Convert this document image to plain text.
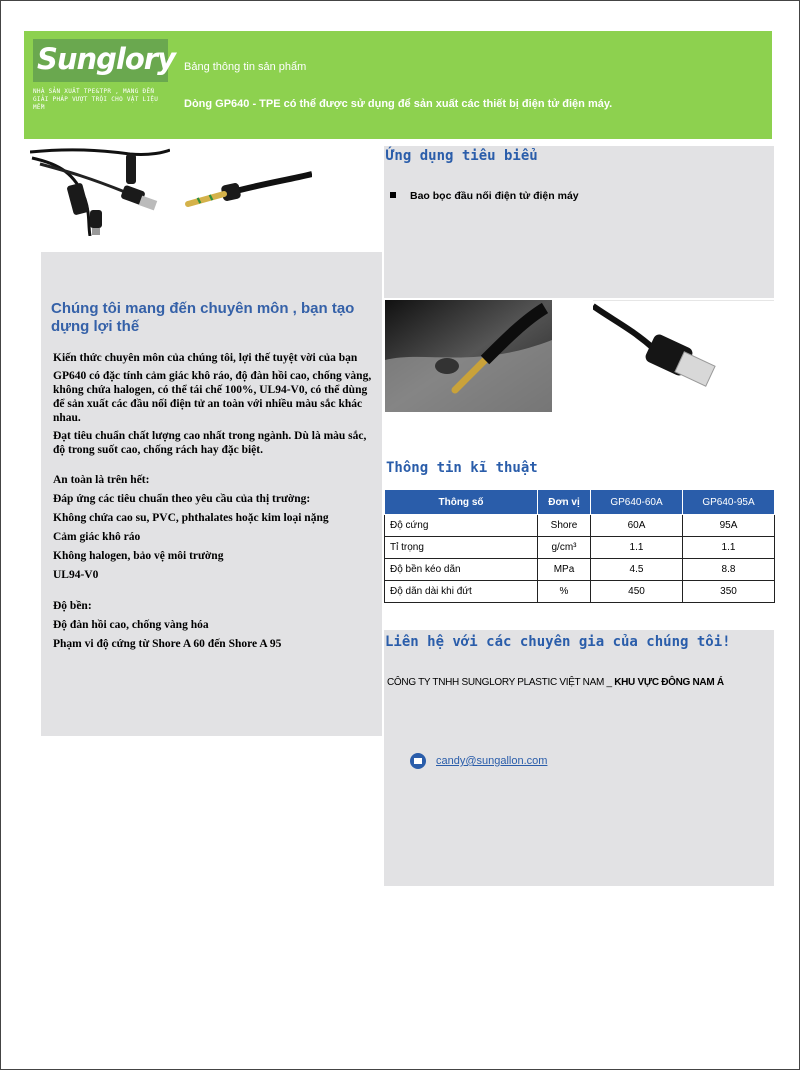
Sunglory
NHÀ SẢN XUẤT TPE&TPR , MANG ĐẾN GIẢI PHÁP VƯỢT TRỘI CHO VẬT LIỆU MỀM
Bảng thông tin sản phẩm
Dòng GP640 - TPE có thể được sử dụng để sản xuất các thiết bị điện tử điện máy.
Chúng tôi mang đến chuyên môn , bạn tạo dựng lợi thế

Kiến thức chuyên môn của chúng tôi, lợi thế tuyệt vời của bạn

GP640 có đặc tính cảm giác khô ráo, độ đàn hồi cao, chống vàng, không chứa halogen, có thể tái chế 100%, UL94-V0, có thể dùng để sản xuất các đầu nối điện tử an toàn với nhiều màu sắc khác nhau.

Đạt tiêu chuẩn chất lượng cao nhất trong ngành. Dù là màu sắc, độ trong suốt cao, chống rách hay đặc biệt.

An toàn là trên hết:
Đáp ứng các tiêu chuẩn theo yêu cầu của thị trường:
Không chứa cao su, PVC, phthalates hoặc kim loại nặng
Cảm giác khô ráo
Không halogen, bảo vệ môi trường
UL94-V0
Độ bền:
Độ đàn hồi cao, chống vàng hóa
Phạm vi độ cứng từ Shore A 60 đến Shore A 95
Ứng dụng tiêu biểu
Bao bọc đầu nối điện tử điện máy
Thông tin kĩ thuật
Thông số	Đơn vị	GP640-60A	GP640-95A
Độ cứng	Shore	60A	95A
Tỉ trọng	g/cm³	1.1	1.1
Độ bền kéo dãn	MPa	4.5	8.8
Độ dãn dài khi đứt	%	450	350
Liên hệ với các chuyên gia của chúng tôi!
CÔNG TY TNHH SUNGLORY PLASTIC VIỆT NAM _ KHU VỰC ĐÔNG NAM Á
candy@sungallon.com
